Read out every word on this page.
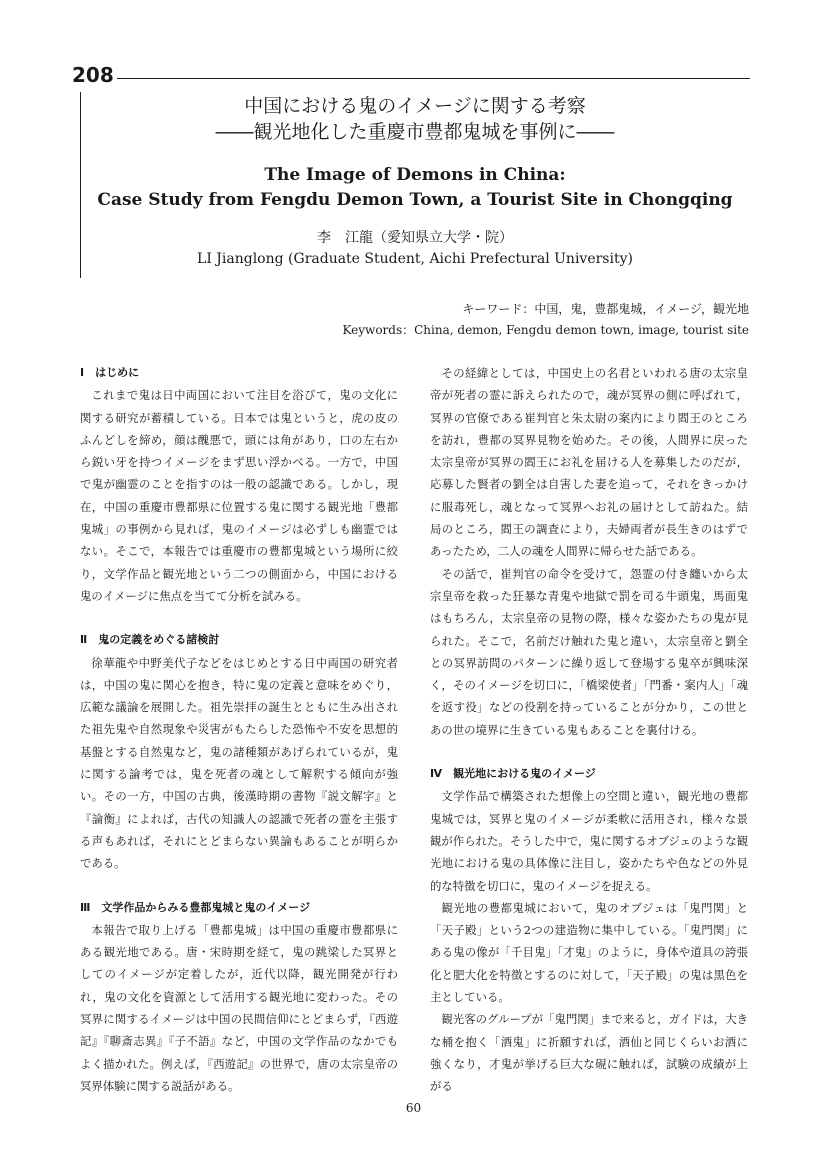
208
中国における鬼のイメージに関する考察
――観光地化した重慶市豊都鬼城を事例に――
The Image of Demons in China:
Case Study from Fengdu Demon Town, a Tourist Site in Chongqing
李　江龍（愛知県立大学・院）
LI Jianglong (Graduate Student, Aichi Prefectural University)
キーワード：中国，鬼，豊都鬼城，イメージ，観光地
Keywords：China, demon, Fengdu demon town, image, tourist site
Ⅰ　はじめに

これまで鬼は日中両国において注目を浴びて，鬼の文化に関する研究が蓄積している。日本では鬼というと，虎の皮のふんどしを締め，顔は醜悪で，頭には角があり，口の左右から鋭い牙を持つイメージをまず思い浮かべる。一方で，中国で鬼が幽霊のことを指すのは一般の認識である。しかし，現在，中国の重慶市豊都県に位置する鬼に関する観光地「豊都鬼城」の事例から見れば，鬼のイメージは必ずしも幽霊ではない。そこで，本報告では重慶市の豊都鬼城という場所に絞り，文学作品と観光地という二つの側面から，中国における鬼のイメージに焦点を当てて分析を試みる。

Ⅱ　鬼の定義をめぐる諸検討

徐華龍や中野美代子などをはじめとする日中両国の研究者は，中国の鬼に関心を抱き，特に鬼の定義と意味をめぐり，広範な議論を展開した。祖先崇拝の誕生とともに生み出された祖先鬼や自然現象や災害がもたらした恐怖や不安を思想的基盤とする自然鬼など，鬼の諸種類があげられているが，鬼に関する論考では，鬼を死者の魂として解釈する傾向が強い。その一方，中国の古典，後漢時期の書物『説文解字』と『論衡』によれば，古代の知識人の認識で死者の霊を主張する声もあれば，それにとどまらない異論もあることが明らかである。

Ⅲ　文学作品からみる豊都鬼城と鬼のイメージ

本報告で取り上げる「豊都鬼城」は中国の重慶市豊都県にある観光地である。唐・宋時期を経て，鬼の跳梁した冥界としてのイメージが定着したが，近代以降，観光開発が行われ，鬼の文化を資源として活用する観光地に変わった。その冥界に関するイメージは中国の民間信仰にとどまらず，『西遊記』『聊斎志異』『子不語』など，中国の文学作品のなかでもよく描かれた。例えば，『西遊記』の世界で，唐の太宗皇帝の冥界体験に関する説話がある。

その経緯としては，中国史上の名君といわれる唐の太宗皇帝が死者の霊に訴えられたので，魂が冥界の側に呼ばれて，冥界の官僚である崔判官と朱太尉の案内により閻王のところを訪れ，豊都の冥界見物を始めた。その後，人間界に戻った太宗皇帝が冥界の閻王にお礼を届ける人を募集したのだが，応募した賢者の劉全は自害した妻を追って，それをきっかけに服毒死し，魂となって冥界へお礼の届けとして訪ねた。結局のところ，閻王の調査により，夫婦両者が長生きのはずであったため，二人の魂を人間界に帰らせた話である。

その話で，崔判官の命令を受けて，怨霊の付き纏いから太宗皇帝を救った狂暴な青鬼や地獄で罰を司る牛頭鬼，馬面鬼はもちろん，太宗皇帝の見物の際，様々な姿かたちの鬼が見られた。そこで，名前だけ触れた鬼と違い，太宗皇帝と劉全との冥界訪問のパターンに繰り返して登場する鬼卒が興味深く，そのイメージを切口に，「橋梁使者」「門番・案内人」「魂を返す役」などの役割を持っていることが分かり，この世とあの世の境界に生きている鬼もあることを裏付ける。

Ⅳ　観光地における鬼のイメージ

文学作品で構築された想像上の空間と違い，観光地の豊都鬼城では，冥界と鬼のイメージが柔軟に活用され，様々な景観が作られた。そうした中で，鬼に関するオブジェのような観光地における鬼の具体像に注目し，姿かたちや色などの外見的な特徴を切口に，鬼のイメージを捉える。

観光地の豊都鬼城において，鬼のオブジェは「鬼門関」と「天子殿」という2つの建造物に集中している。「鬼門関」にある鬼の像が「千目鬼」「才鬼」のように，身体や道具の誇張化と肥大化を特徴とするのに対して，「天子殿」の鬼は黒色を主としている。

観光客のグループが「鬼門関」まで来ると，ガイドは，大きな桶を抱く「酒鬼」に祈願すれば，酒仙と同じくらいお酒に強くなり，才鬼が挙げる巨大な硯に触れば，試験の成績が上がる

60
